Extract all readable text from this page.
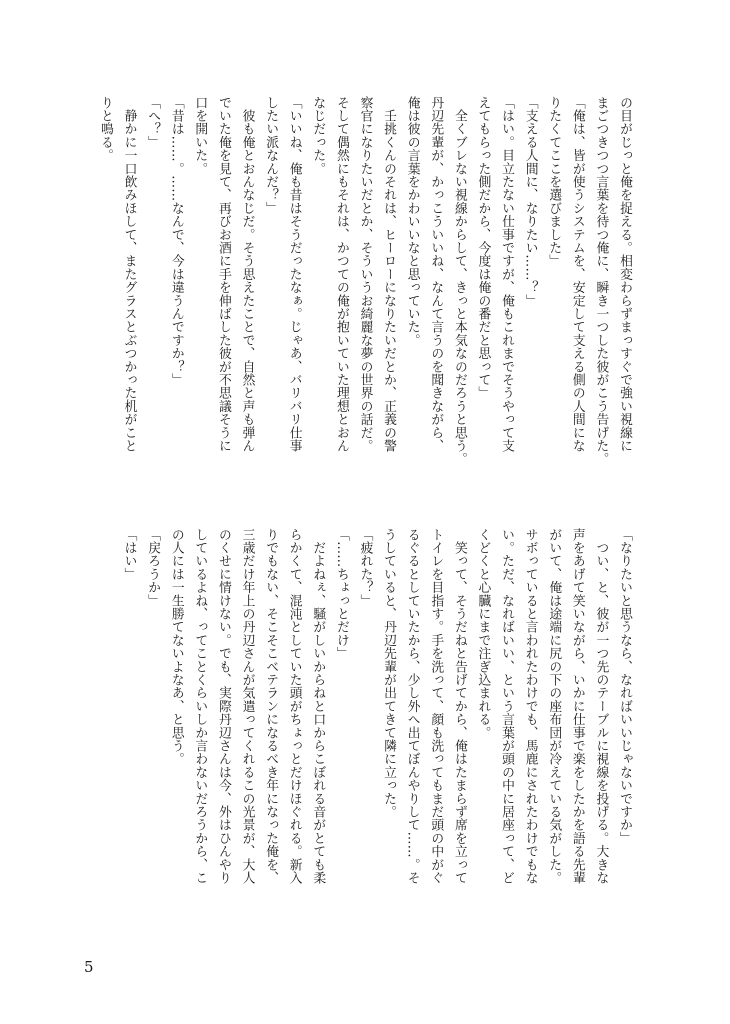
の目がじっと俺を捉える。相変わらずまっすぐで強い視線に

まごつきつつ言葉を待つ俺に、瞬き一つした彼がこう告げた。

「俺は、皆が使うシステムを、安定して支える側の人間にな

りたくてここを選びました」

「支える人間に、なりたい……？」

「はい。目立たない仕事ですが、俺もこれまでそうやって支

えてもらった側だから、今度は俺の番だと思って」

　全くブレない視線からして、きっと本気なのだろうと思う。

丹辺先輩が、かっこういいね、なんて言うのを聞きながら、

俺は彼の言葉をかわいいなと思っていた。

　壬挑くんのそれは、ヒーローになりたいだとか、正義の警

察官になりたいだとか、そういうお綺麗な夢の世界の話だ。

そして偶然にもそれは、かつての俺が抱いていた理想とおん

なじだった。

「いいね、俺も昔はそうだったなぁ。じゃあ、バリバリ仕事

したい派なんだ？」

　彼も俺とおんなじだ。そう思えたことで、自然と声も弾ん

でいた俺を見て、再びお酒に手を伸ばした彼が不思議そうに

口を開いた。

「昔は……。……なんで、今は違うんですか？」

「へ？」

　静かに一口飲みほして、またグラスとぶつかった机がこと

りと鳴る。

「なりたいと思うなら、なればいいじゃないですか」

　つい、と、彼が一つ先のテーブルに視線を投げる。大きな

声をあげて笑いながら、いかに仕事で楽をしたかを語る先輩

がいて、俺は途端に尻の下の座布団が冷えている気がした。

サボっていると言われたわけでも、馬鹿にされたわけでもな

い。ただ、なればいい、という言葉が頭の中に居座って、ど

くどくと心臓にまで注ぎ込まれる。

　笑って、そうだねと告げてから、俺はたまらず席を立って

トイレを目指す。手を洗って、顔も洗ってもまだ頭の中がぐ

るぐるとしていたから、少し外へ出てぼんやりして……。そ

うしていると、丹辺先輩が出てきて隣に立った。

「疲れた？」

「……ちょっとだけ」

　だよねぇ、騒がしいからねと口からこぼれる音がとても柔

らかくて、混沌としていた頭がちょっとだけほぐれる。新入

りでもない、そこそこベテランになるべき年になった俺を、

三歳だけ年上の丹辺さんが気遣ってくれるこの光景が、大人

のくせに情けない。でも、実際丹辺さんは今、外はひんやり

しているよね、ってことくらいしか言わないだろうから、こ

の人には一生勝てないよなあ、と思う。

「戻ろうか」

「はい」

5
